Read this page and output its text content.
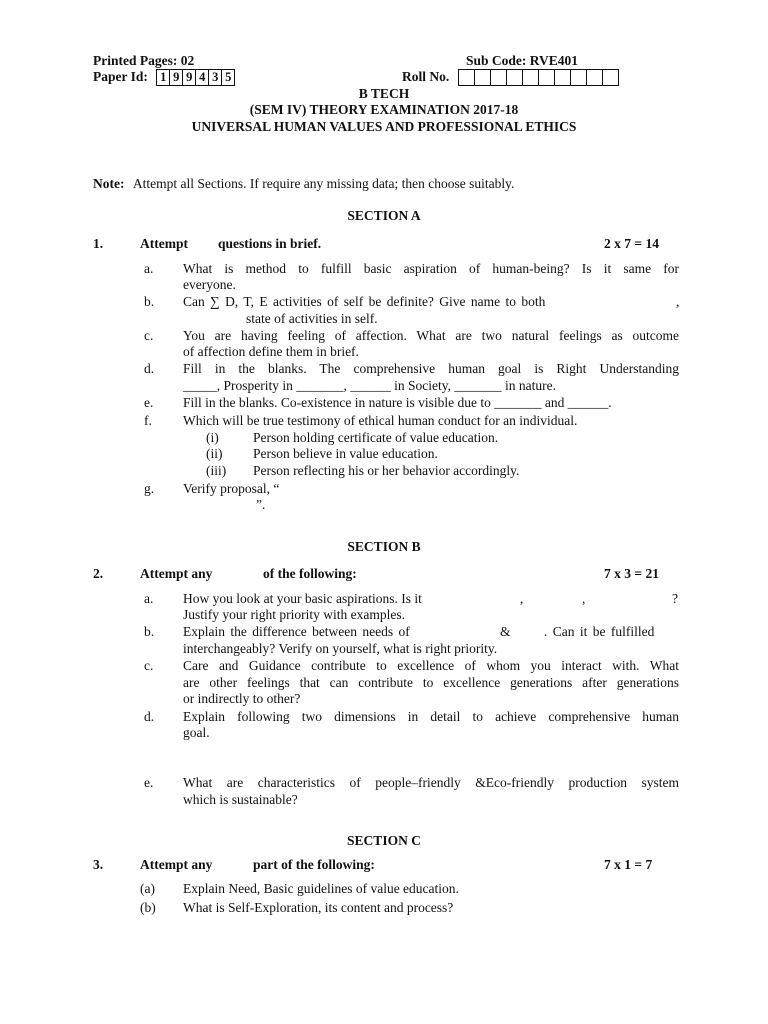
Printed Pages: 02	Sub Code: RVE401
Paper Id: 1 9 9 4 3 5	Roll No.
B TECH
(SEM IV) THEORY EXAMINATION 2017-18
UNIVERSAL HUMAN VALUES AND PROFESSIONAL ETHICS
Note: Attempt all Sections. If require any missing data; then choose suitably.
SECTION A
1.	Attempt questions in brief.	2 x 7 = 14
a. What is method to fulfill basic aspiration of human-being? Is it same for
everyone.
b. Can ∑ D, T, E activities of self be definite? Give name to both	,
state of activities in self.
c. You are having feeling of affection. What are two natural feelings as outcome
of affection define them in brief.
d. Fill in the blanks. The comprehensive human goal is Right Understanding
_____, Prosperity in _______, ______ in Society, _______ in nature.
e. Fill in the blanks. Co-existence in nature is visible due to _______ and ______.
f. Which will be true testimony of ethical human conduct for an individual.
(i)	Person holding certificate of value education.
(ii) Person believe in value education.
(iii) Person reflecting his or her behavior accordingly.
g. Verify proposal, “
”.
SECTION B
2.	Attempt any	of the following:	7 x 3 = 21
a. How you look at your basic aspirations. Is it	,	,	?
Justify your right priority with examples.
b. Explain the difference between needs of	& . Can it be fulfilled
interchangeably? Verify on yourself, what is right priority.
c. Care and Guidance contribute to excellence of whom you interact with. What
are other feelings that can contribute to excellence generations after generations
or indirectly to other?
d. Explain following two dimensions in detail to achieve comprehensive human
goal.
e. What are characteristics of people–friendly &Eco-friendly production system
which is sustainable?
SECTION C
3.	Attempt any	part of the following:	7 x 1 = 7
(a) Explain Need, Basic guidelines of value education.
(b) What is Self-Exploration, its content and process?
